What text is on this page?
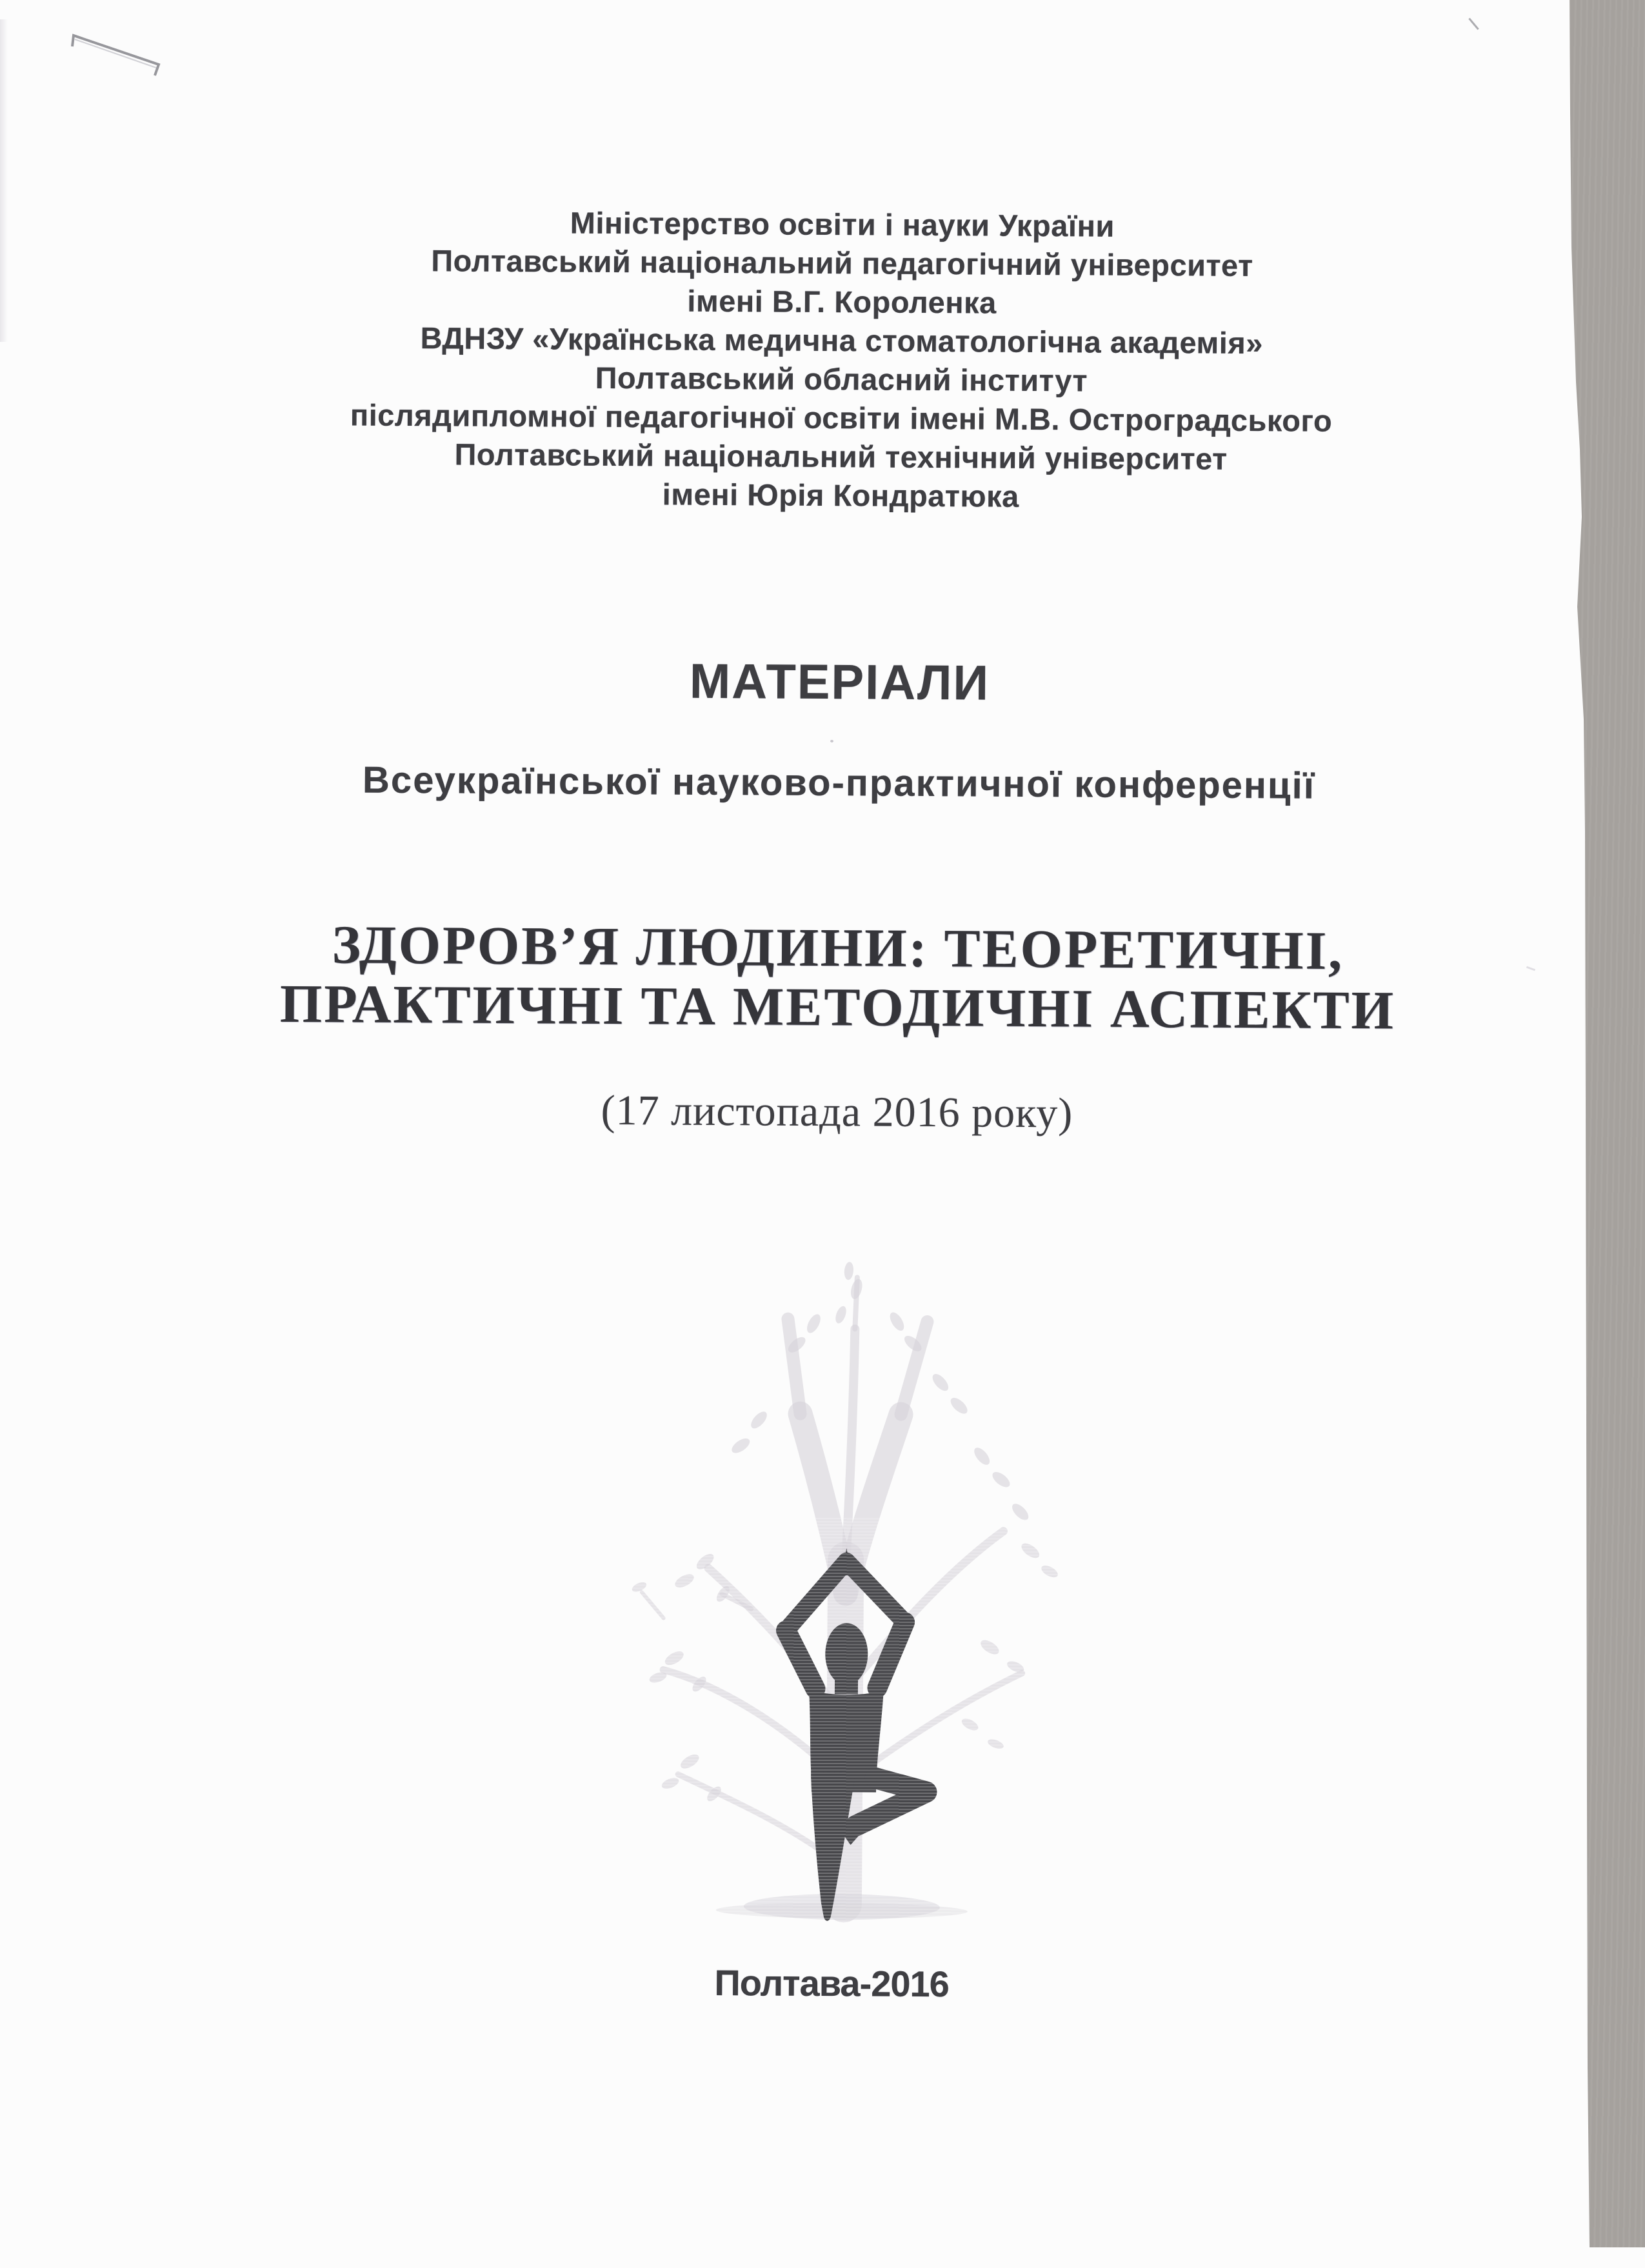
Міністерство освіти і науки України
Полтавський національний педагогічний університет
імені В.Г. Короленка
ВДНЗУ «Українська медична стоматологічна академія»
Полтавський обласний інститут
післядипломної педагогічної освіти імені М.В. Остроградського
Полтавський національний технічний університет
імені Юрія Кондратюка
МАТЕРІАЛИ
Всеукраїнської науково-практичної конференції
ЗДОРОВ’Я ЛЮДИНИ: ТЕОРЕТИЧНІ,
ПРАКТИЧНІ ТА МЕТОДИЧНІ АСПЕКТИ
(17 листопада 2016 року)
Полтава-2016
